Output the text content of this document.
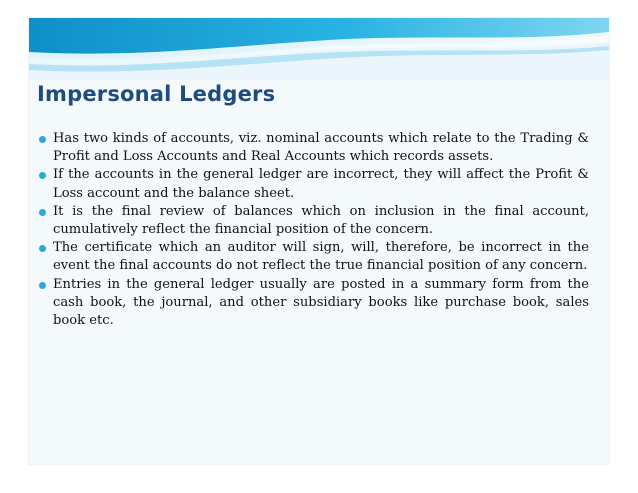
Impersonal Ledgers
Has two kinds of accounts, viz. nominal accounts which relate to the Trading & Profit and Loss Accounts and Real Accounts which records assets.
If the accounts in the general ledger are incorrect, they will affect the Profit & Loss account and the balance sheet.
It is the final review of balances which on inclusion in the final account, cumulatively reflect the financial position of the concern.
The certificate which an auditor will sign, will, therefore, be incorrect in the event the final accounts do not reflect the true financial position of any concern.
Entries in the general ledger usually are posted in a summary form from the cash book, the journal, and other subsidiary books like purchase book, sales book etc.
